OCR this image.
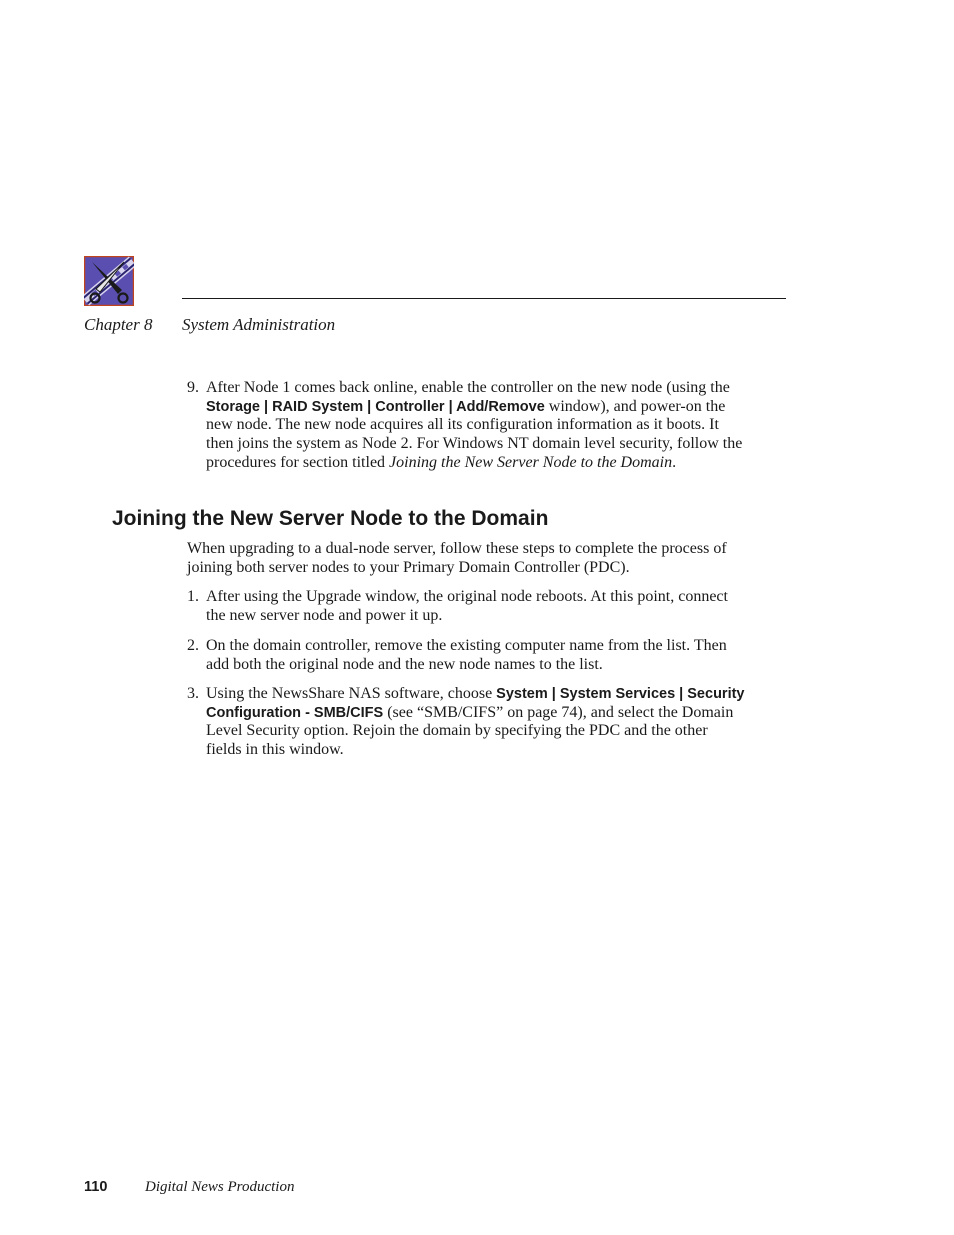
Chapter 8 System Administration
9. After Node 1 comes back online, enable the controller on the new node (using the Storage | RAID System | Controller | Add/Remove window), and power-on the new node. The new node acquires all its configuration information as it boots. It then joins the system as Node 2. For Windows NT domain level security, follow the procedures for section titled Joining the New Server Node to the Domain.

Joining the New Server Node to the Domain

When upgrading to a dual-node server, follow these steps to complete the process of joining both server nodes to your Primary Domain Controller (PDC).

1. After using the Upgrade window, the original node reboots. At this point, connect the new server node and power it up.

2. On the domain controller, remove the existing computer name from the list. Then add both the original node and the new node names to the list.

3. Using the NewsShare NAS software, choose System | System Services | Security Configuration - SMB/CIFS (see “SMB/CIFS” on page 74), and select the Domain Level Security option. Rejoin the domain by specifying the PDC and the other fields in this window.

110	Digital News Production
